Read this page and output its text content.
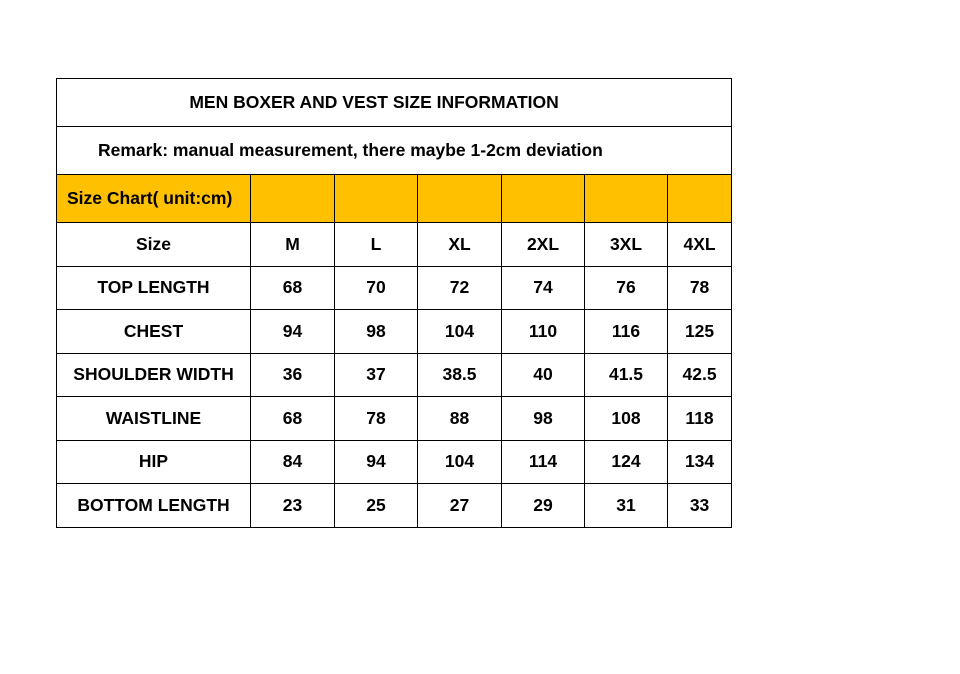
MEN BOXER AND VEST SIZE INFORMATION						
Remark: manual measurement, there maybe 1-2cm deviation						
Size Chart( unit:cm)						
Size	M	L	XL	2XL	3XL	4XL
TOP LENGTH	68	70	72	74	76	78
CHEST	94	98	104	110	116	125
SHOULDER WIDTH	36	37	38.5	40	41.5	42.5
WAISTLINE	68	78	88	98	108	118
HIP	84	94	104	114	124	134
BOTTOM LENGTH	23	25	27	29	31	33
